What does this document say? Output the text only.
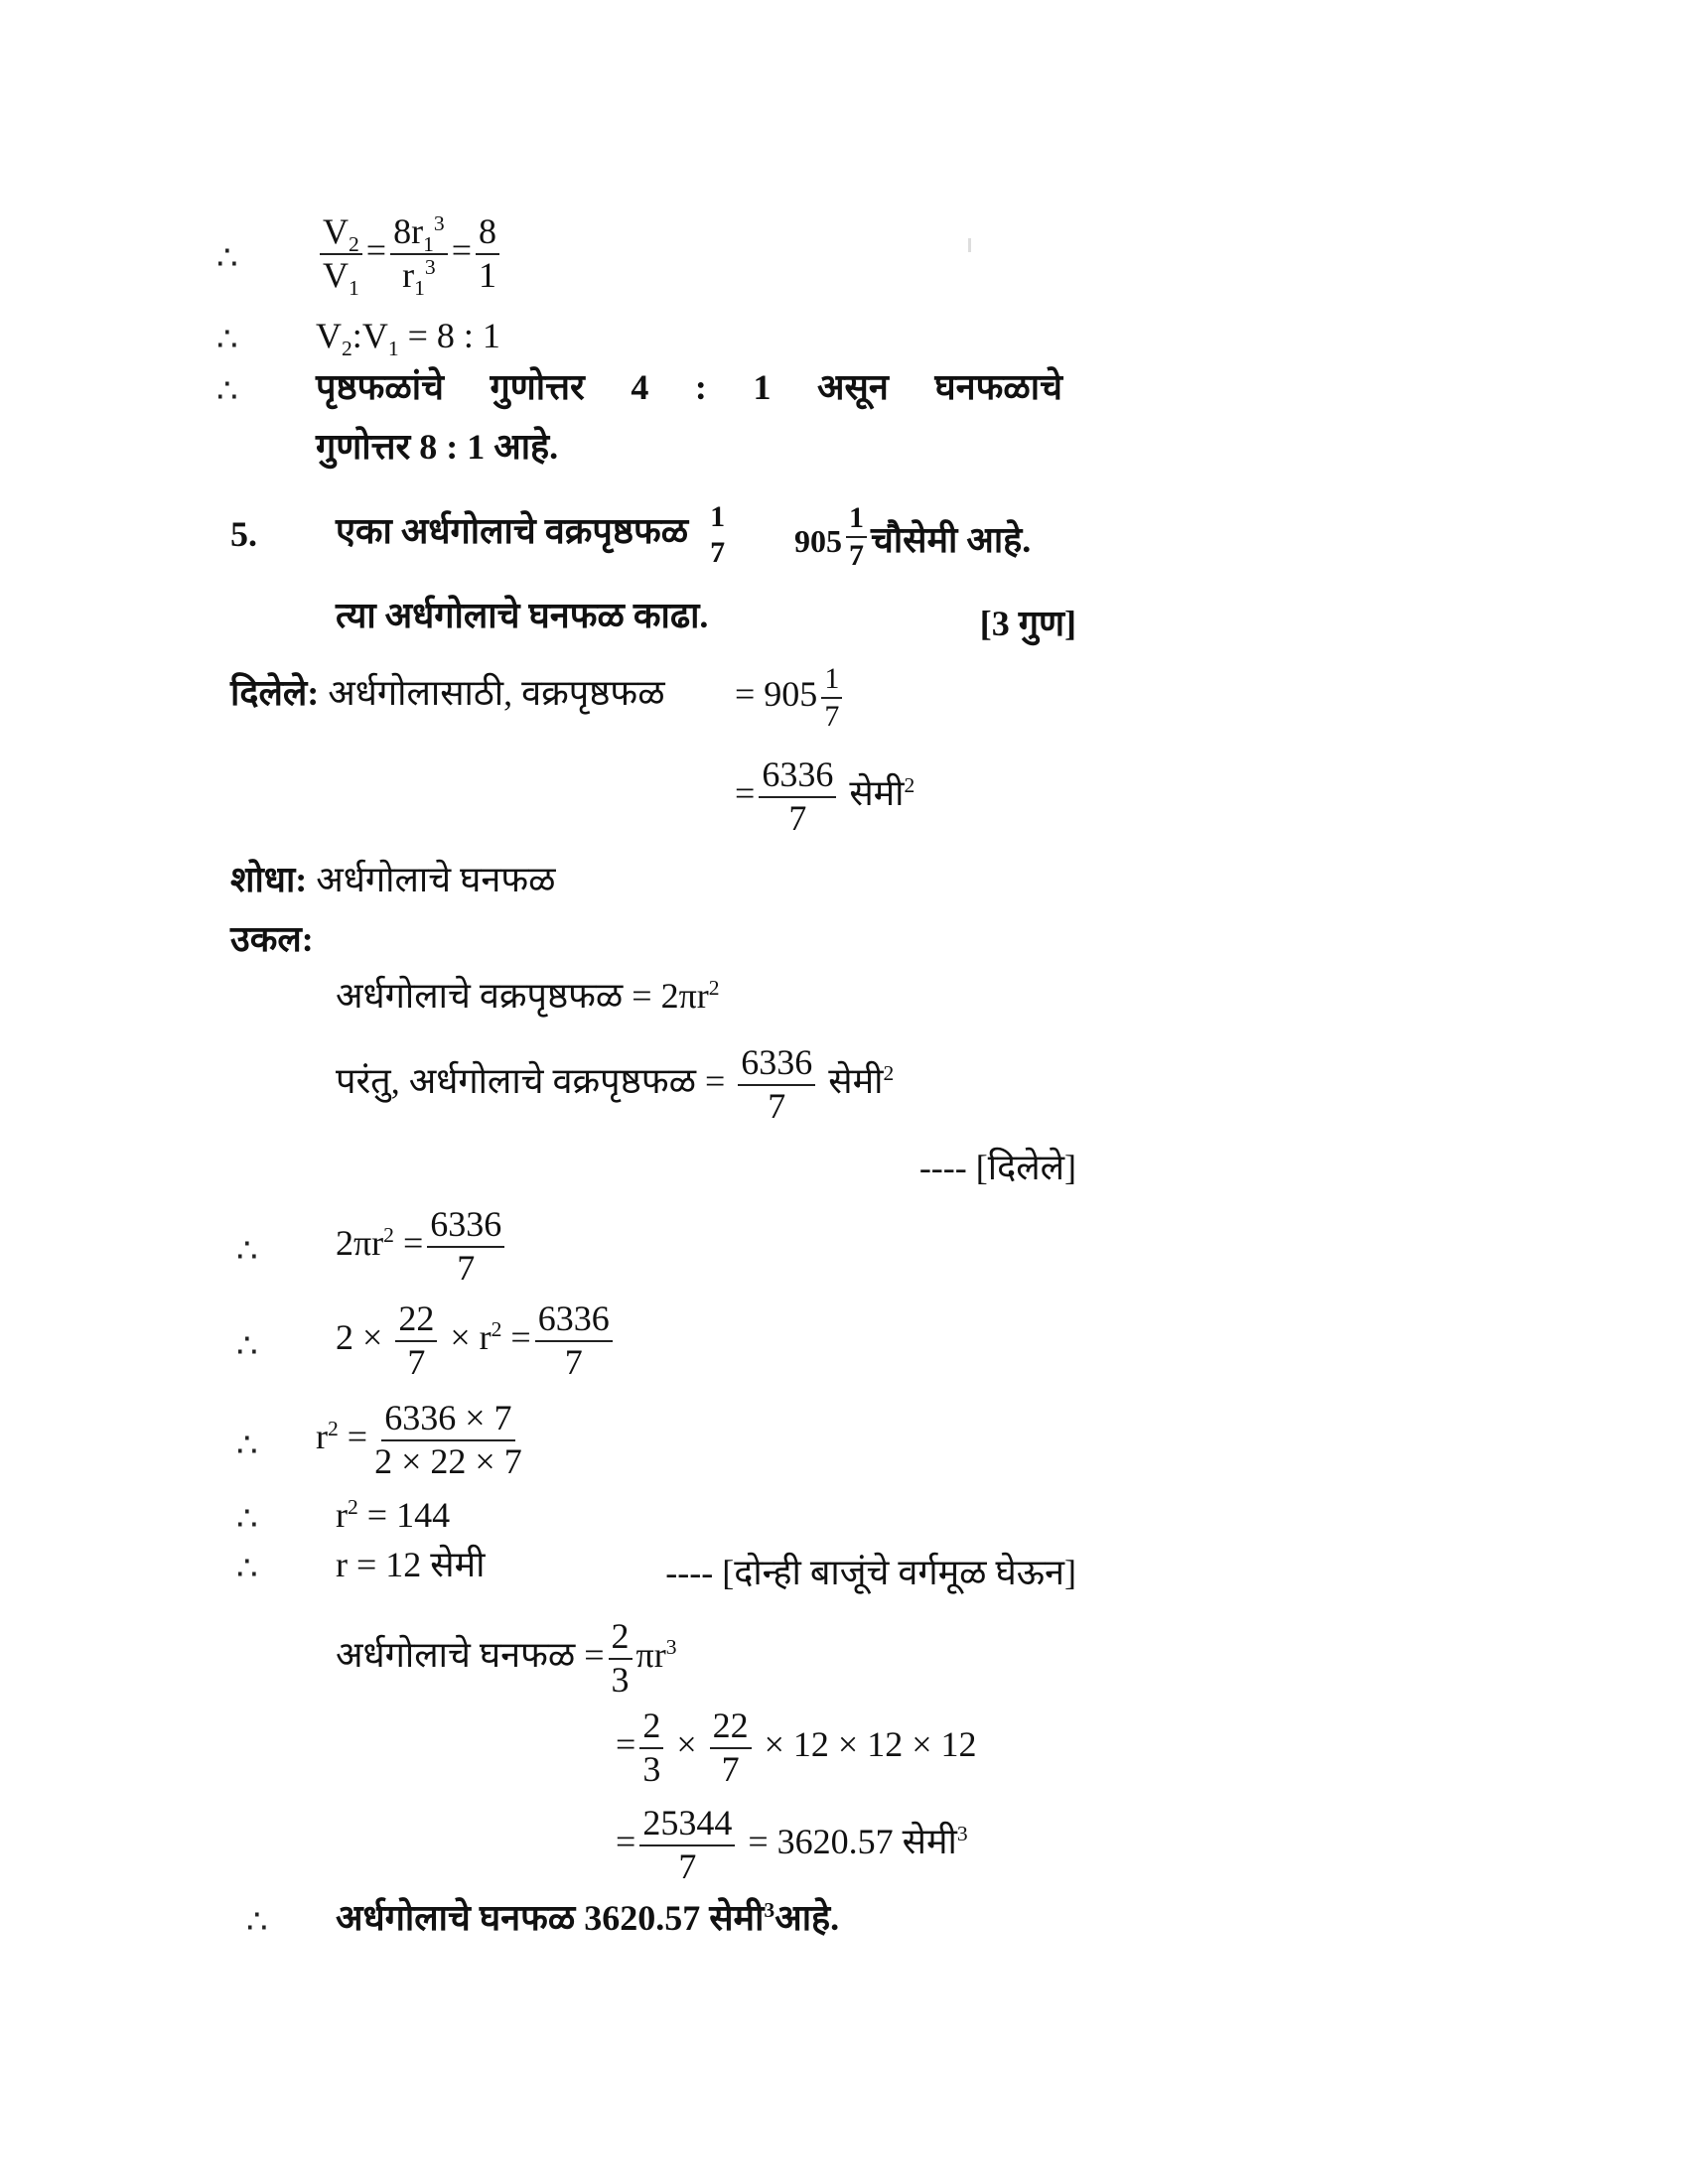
∴ $\frac{V_2}{V_1} = \frac{8r_1^3}{r_1^3} = \frac{8}{1}$
∴ $V_2:V_1 = 8$ : 1
∴ पृष्ठफळांचे गुणोत्तर 4 : 1 असून घनफळाचे
गुणोत्तर 8 : 1 आहे.
5. एका अर्धगोलाचे वक्रपृष्ठफळ 1
7 $905 \frac{1}{7}$ चौसेमी आहे.
त्या अर्धगोलाचे घनफळ काढा.	[3 गुण]
दिलेले: अर्धगोलासाठी, वक्रपृष्ठफळ = $905 \frac{1}{7}$
= $\frac{6336}{7}$ सेमी$^2$
शोधा: अर्धगोलाचे घनफळ
उकल:
अर्धगोलाचे वक्रपृष्ठफळ = $2\pi r^2$
परंतु, अर्धगोलाचे वक्रपृष्ठफळ = $\frac{6336}{7}$ सेमी$^2$
---- [दिलेले]
∴ $2\pi r^2 = \frac{6336}{7}$
∴ $2 \times \frac{22}{7} \times r^2 = \frac{6336}{7}$
∴ $r^2 = \frac{6336 \times 7}{2 \times 22 \times 7}$
∴ $r^2 = 144$
∴ r = 12 सेमी	---- [दोन्ही बाजूंचे वर्गमूळ घेऊन]
अर्धगोलाचे घनफळ = $\frac{2}{3} \pi r^3$
= $\frac{2}{3} \times \frac{22}{7} \times 12 \times 12 \times 12$
= $\frac{25344}{7} = 3620.57$ सेमी$^3$
∴ अर्धगोलाचे घनफळ 3620.57 सेमी$^3$आहे.
